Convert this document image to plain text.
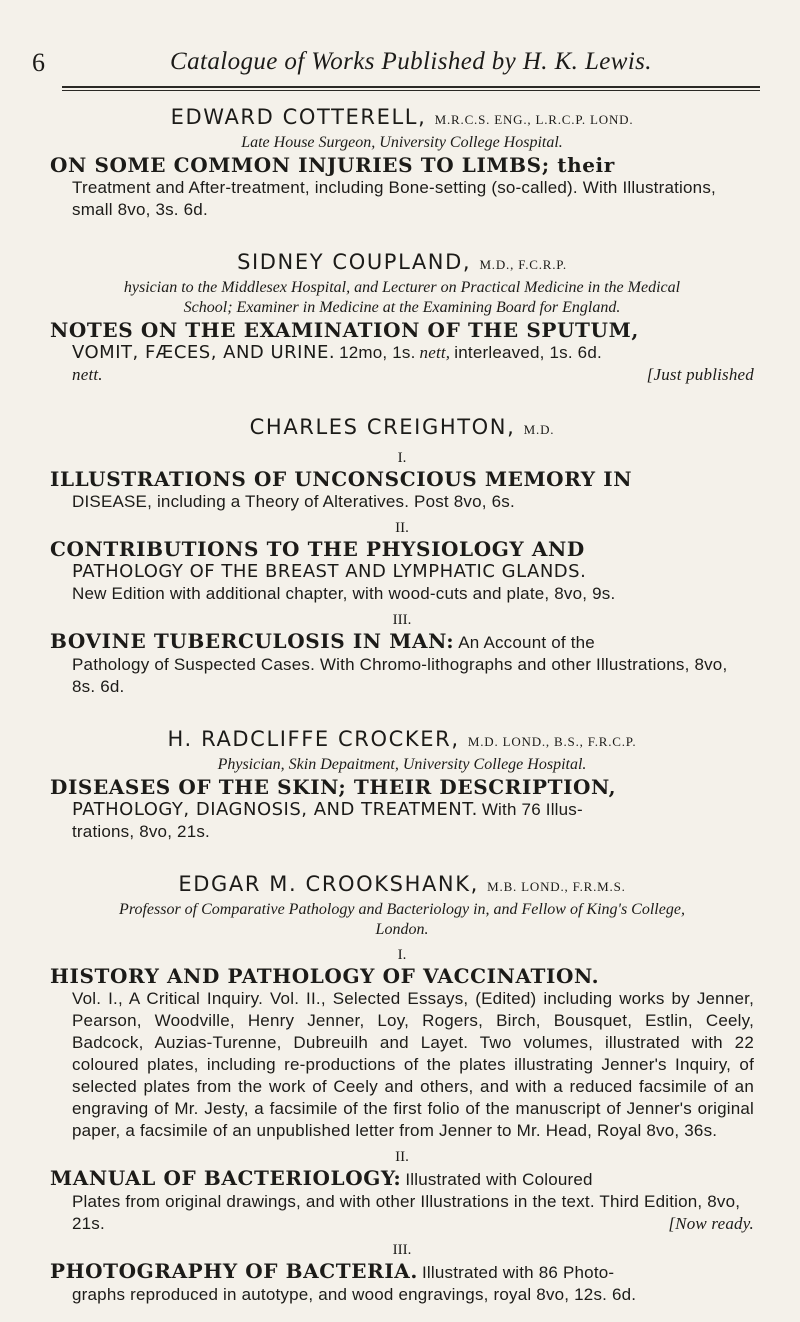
6	Catalogue of Works Published by H. K. Lewis.
EDWARD COTTERELL, M.R.C.S. ENG., L.R.C.P. LOND.
Late House Surgeon, University College Hospital.
ON SOME COMMON INJURIES TO LIMBS; their
Treatment and After-treatment, including Bone-setting (so-called). With Illustrations, small 8vo, 3s. 6d.
SIDNEY COUPLAND, M.D., F.C.R.P.
hysician to the Middlesex Hospital, and Lecturer on Practical Medicine in the Medical
School; Examiner in Medicine at the Examining Board for England.
NOTES ON THE EXAMINATION OF THE SPUTUM,
VOMIT, FÆCES, AND URINE. 12mo, 1s. nett, interleaved, 1s. 6d.
nett.	[Just published
CHARLES CREIGHTON, M.D.
I.
ILLUSTRATIONS OF UNCONSCIOUS MEMORY IN
DISEASE, including a Theory of Alteratives. Post 8vo, 6s.
II.
CONTRIBUTIONS TO THE PHYSIOLOGY AND
PATHOLOGY OF THE BREAST AND LYMPHATIC GLANDS.
New Edition with additional chapter, with wood-cuts and plate, 8vo, 9s.
III.
BOVINE TUBERCULOSIS IN MAN: An Account of the
Pathology of Suspected Cases. With Chromo-lithographs and other Illustrations, 8vo, 8s. 6d.
H. RADCLIFFE CROCKER, M.D. LOND., B.S., F.R.C.P.
Physician, Skin Depaitment, University College Hospital.
DISEASES OF THE SKIN; THEIR DESCRIPTION,
PATHOLOGY, DIAGNOSIS, AND TREATMENT. With 76 Illus-
trations, 8vo, 21s.
EDGAR M. CROOKSHANK, M.B. LOND., F.R.M.S.
Professor of Comparative Pathology and Bacteriology in, and Fellow of King's College,
London.
I.
HISTORY AND PATHOLOGY OF VACCINATION.
Vol. I., A Critical Inquiry. Vol. II., Selected Essays, (Edited) including works by Jenner, Pearson, Woodville, Henry Jenner, Loy, Rogers, Birch, Bousquet, Estlin, Ceely, Badcock, Auzias-Turenne, Dubreuilh and Layet. Two volumes, illustrated with 22 coloured plates, including re-productions of the plates illustrating Jenner's Inquiry, of selected plates from the work of Ceely and others, and with a reduced facsimile of an engraving of Mr. Jesty, a facsimile of the first folio of the manuscript of Jenner's original paper, a facsimile of an unpublished letter from Jenner to Mr. Head, Royal 8vo, 36s.
II.
MANUAL OF BACTERIOLOGY: Illustrated with Coloured
Plates from original drawings, and with other Illustrations in the text. Third Edition, 8vo, 21s.	[Now ready.
III.
PHOTOGRAPHY OF BACTERIA. Illustrated with 86 Photo-
graphs reproduced in autotype, and wood engravings, royal 8vo, 12s. 6d.
